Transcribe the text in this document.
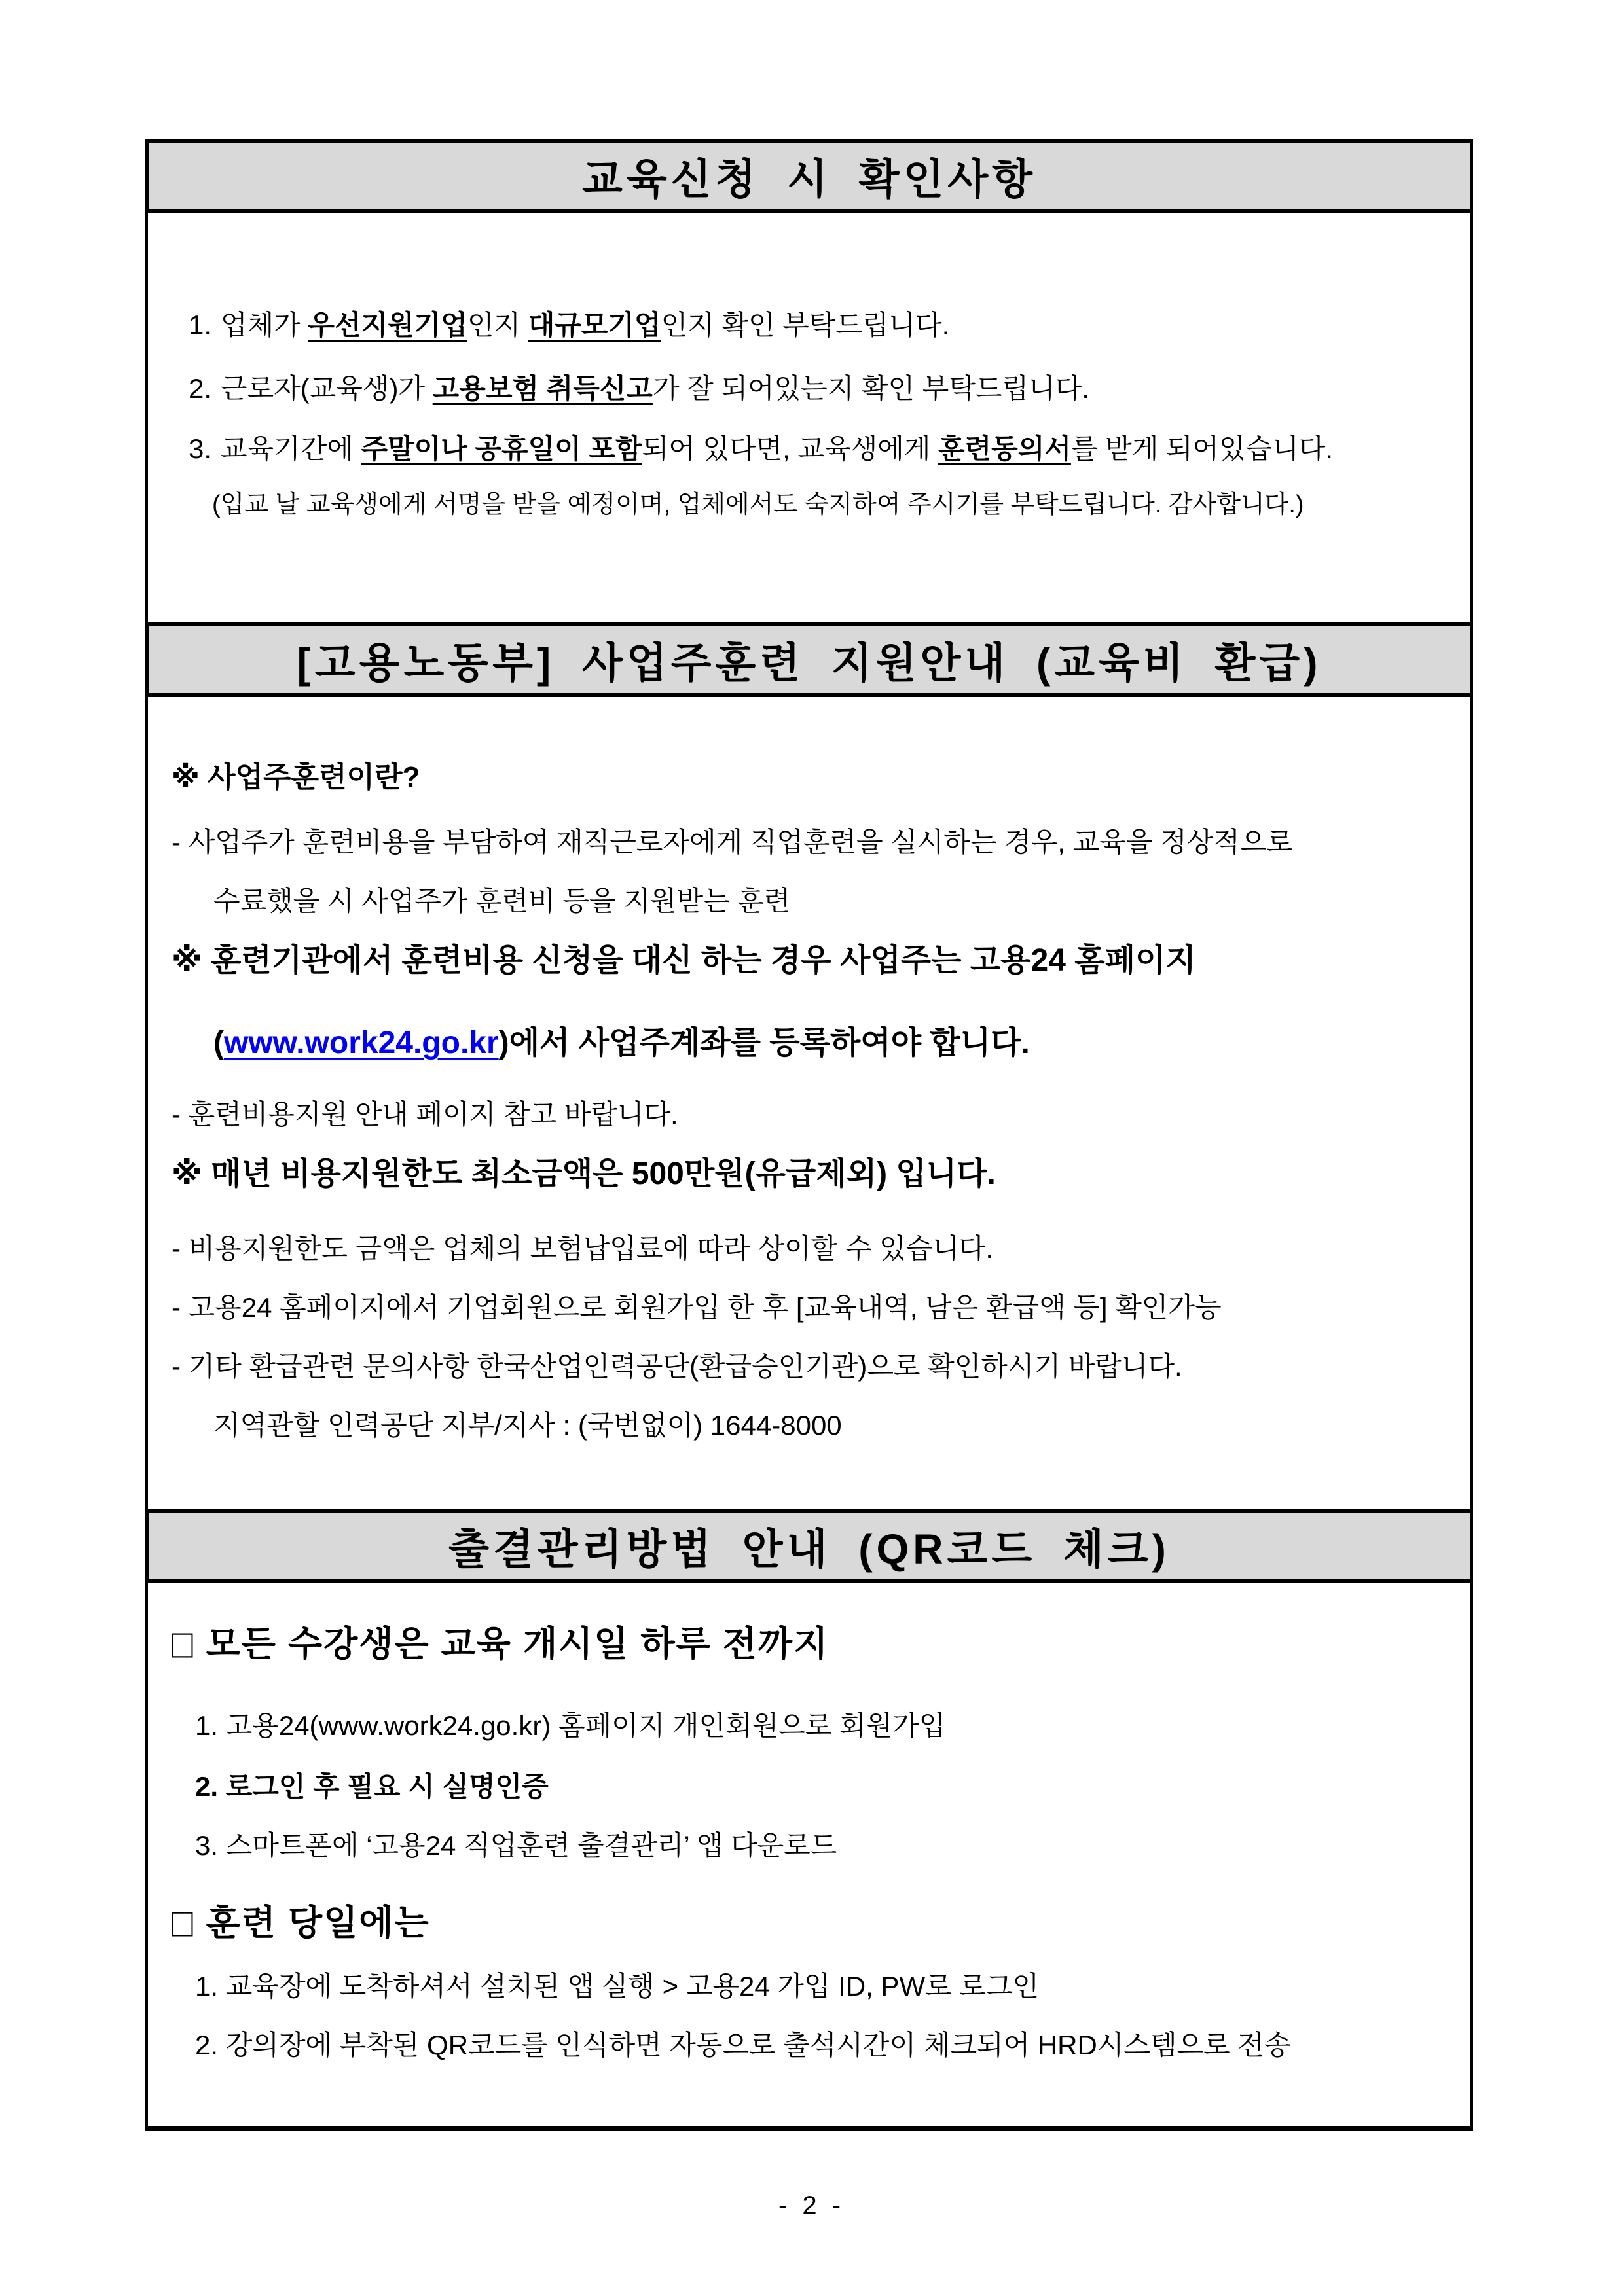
교육신청 시 확인사항
1. 업체가 우선지원기업인지 대규모기업인지 확인 부탁드립니다.
2. 근로자(교육생)가 고용보험 취득신고가 잘 되어있는지 확인 부탁드립니다.
3. 교육기간에 주말이나 공휴일이 포함되어 있다면, 교육생에게 훈련동의서를 받게 되어있습니다.
(입교 날 교육생에게 서명을 받을 예정이며, 업체에서도 숙지하여 주시기를 부탁드립니다. 감사합니다.)
[고용노동부] 사업주훈련 지원안내 (교육비 환급)
※ 사업주훈련이란?
- 사업주가 훈련비용을 부담하여 재직근로자에게 직업훈련을 실시하는 경우, 교육을 정상적으로
수료했을 시 사업주가 훈련비 등을 지원받는 훈련
※ 훈련기관에서 훈련비용 신청을 대신 하는 경우 사업주는 고용24 홈페이지
(www.work24.go.kr)에서 사업주계좌를 등록하여야 합니다.
- 훈련비용지원 안내 페이지 참고 바랍니다.
※ 매년 비용지원한도 최소금액은 500만원(유급제외) 입니다.
- 비용지원한도 금액은 업체의 보험납입료에 따라 상이할 수 있습니다.
- 고용24 홈페이지에서 기업회원으로 회원가입 한 후 [교육내역, 남은 환급액 등] 확인가능
- 기타 환급관련 문의사항 한국산업인력공단(환급승인기관)으로 확인하시기 바랍니다.
지역관할 인력공단 지부/지사 : (국번없이) 1644-8000
출결관리방법 안내 (QR코드 체크)
□ 모든 수강생은 교육 개시일 하루 전까지
1. 고용24(www.work24.go.kr) 홈페이지 개인회원으로 회원가입
2. 로그인 후 필요 시 실명인증
3. 스마트폰에 ‘고용24 직업훈련 출결관리’ 앱 다운로드
□ 훈련 당일에는
1. 교육장에 도착하셔서 설치된 앱 실행 > 고용24 가입 ID, PW로 로그인
2. 강의장에 부착된 QR코드를 인식하면 자동으로 출석시간이 체크되어 HRD시스템으로 전송
- 2 -
